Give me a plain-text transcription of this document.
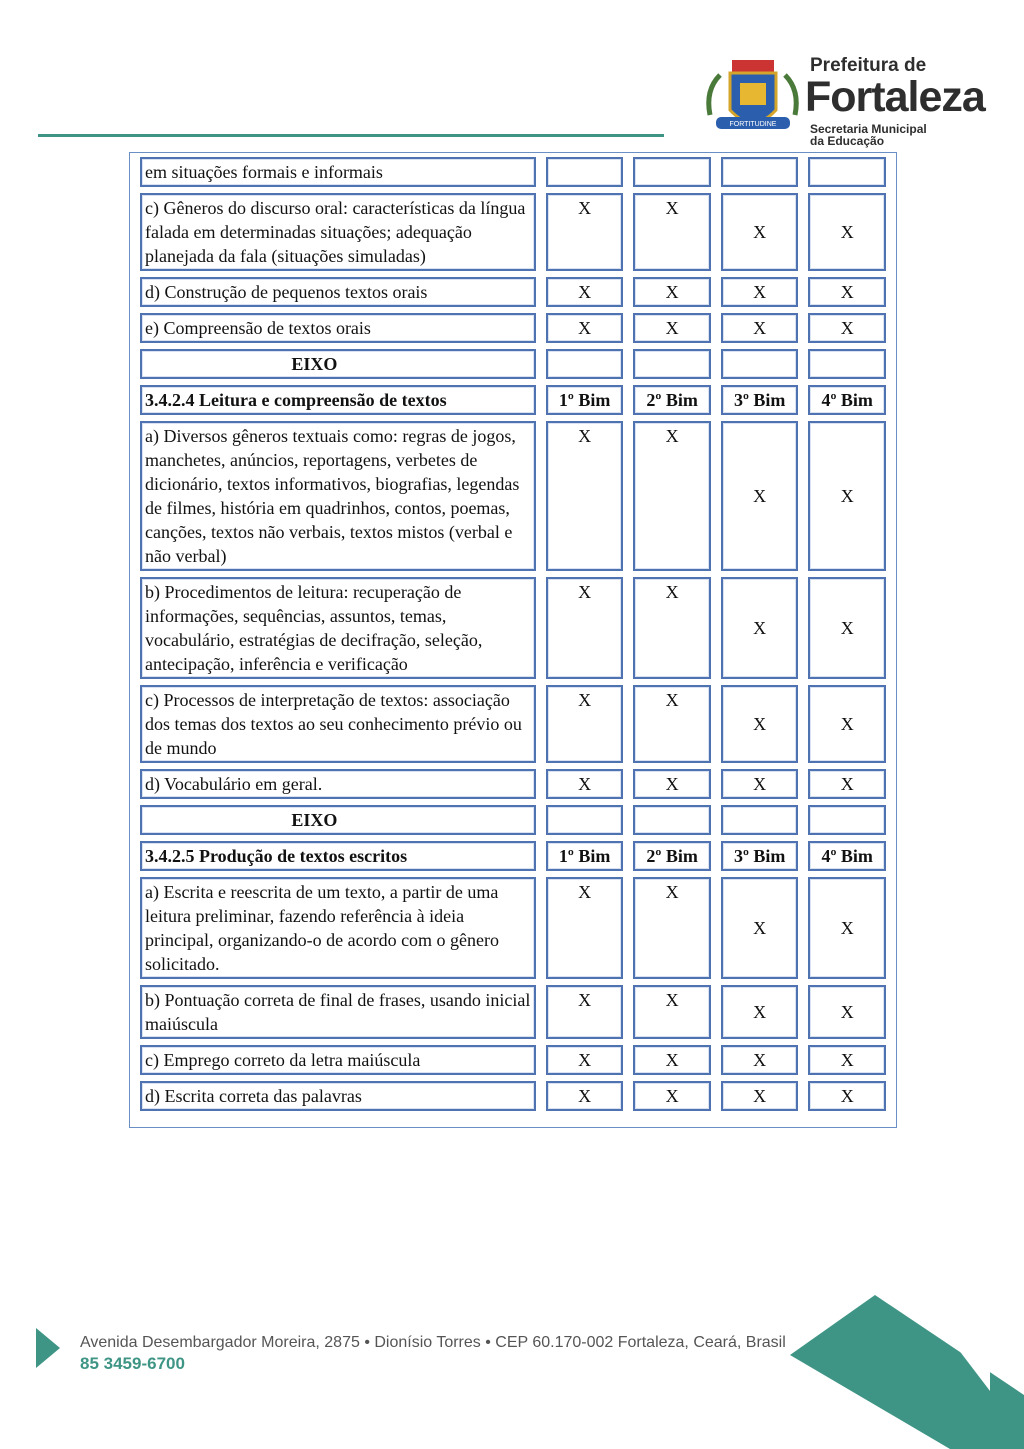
FORTITUDINE
Prefeitura de
Fortaleza
Secretaria Municipal
da Educação
em situações formais e informais				
c) Gêneros do discurso oral: características da língua falada em determinadas situações; adequação planejada da fala (situações simuladas)	X	X	X	X
d) Construção de pequenos textos orais	X	X	X	X
e) Compreensão de textos orais	X	X	X	X
EIXO				
3.4.2.4 Leitura e compreensão de textos	1º Bim	2º Bim	3º Bim	4º Bim
a) Diversos gêneros textuais como: regras de jogos, manchetes, anúncios, reportagens, verbetes de dicionário, textos informativos, biografias, legendas de filmes, história em quadrinhos, contos, poemas, canções, textos não verbais, textos mistos (verbal e não verbal)	X	X	X	X
b) Procedimentos de leitura: recuperação de informações, sequências, assuntos, temas, vocabulário, estratégias de decifração, seleção, antecipação, inferência e verificação	X	X	X	X
c) Processos de interpretação de textos: associação dos temas dos textos ao seu conhecimento prévio ou de mundo	X	X	X	X
d) Vocabulário em geral.	X	X	X	X
EIXO				
3.4.2.5 Produção de textos escritos	1º Bim	2º Bim	3º Bim	4º Bim
a) Escrita e reescrita de um texto, a partir de uma leitura preliminar, fazendo referência à ideia principal, organizando-o de acordo com o gênero solicitado.	X	X	X	X
b) Pontuação correta de final de frases, usando inicial maiúscula	X	X	X	X
c) Emprego correto da letra maiúscula	X	X	X	X
d) Escrita correta das palavras	X	X	X	X
Avenida Desembargador Moreira, 2875 • Dionísio Torres • CEP 60.170-002 Fortaleza, Ceará, Brasil
85 3459-6700
